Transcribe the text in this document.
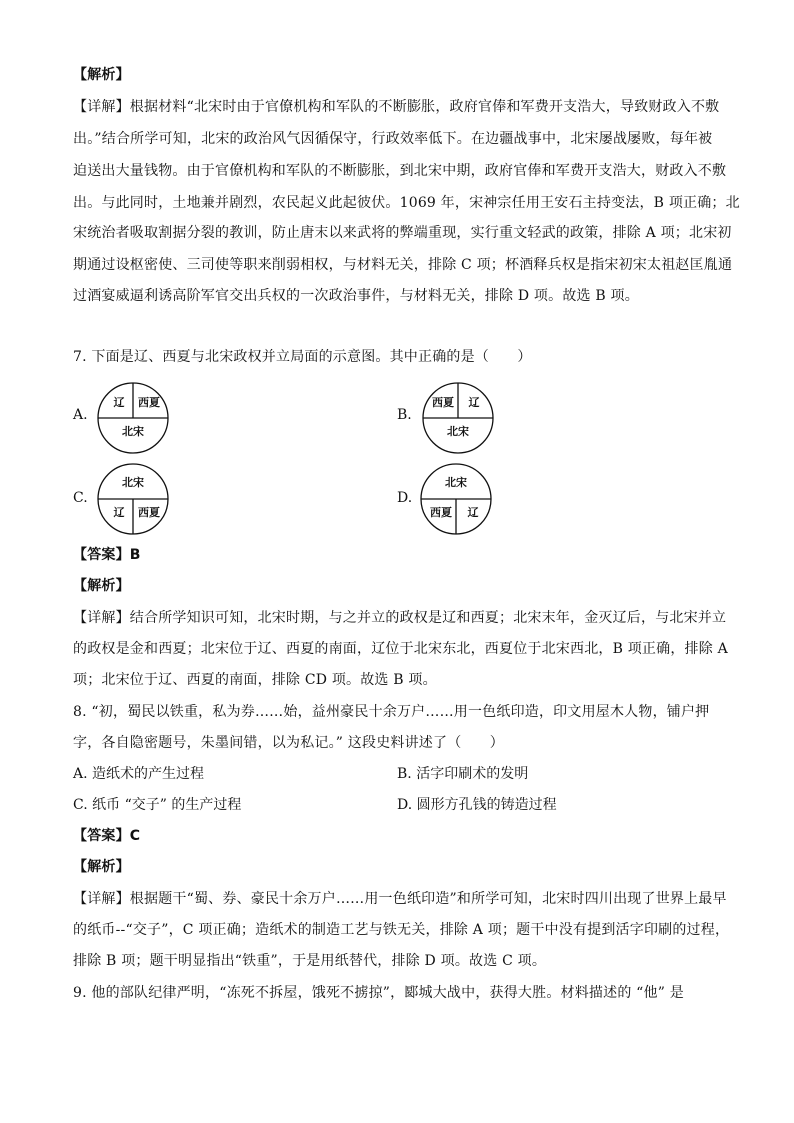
【解析】
【详解】根据材料“北宋时由于官僚机构和军队的不断膨胀，政府官俸和军费开支浩大，导致财政入不敷
出。”结合所学可知，北宋的政治风气因循保守，行政效率低下。在边疆战事中，北宋屡战屡败，每年被
迫送出大量钱物。由于官僚机构和军队的不断膨胀，到北宋中期，政府官俸和军费开支浩大，财政入不敷
出。与此同时，土地兼并剧烈，农民起义此起彼伏。1069 年，宋神宗任用王安石主持变法，B 项正确；北
宋统治者吸取割据分裂的教训，防止唐末以来武将的弊端重现，实行重文轻武的政策，排除 A 项；北宋初
期通过设枢密使、三司使等职来削弱相权，与材料无关，排除 C 项；杯酒释兵权是指宋初宋太祖赵匡胤通
过酒宴威逼利诱高阶军官交出兵权的一次政治事件，与材料无关，排除 D 项。故选 B 项。
7. 下面是辽、西夏与北宋政权并立局面的示意图。其中正确的是（　　）
A.
辽 西夏
北宋
B.
西夏 辽
北宋
C.
北宋
辽 西夏
D.
北宋
西夏 辽
【答案】B
【解析】
【详解】结合所学知识可知，北宋时期，与之并立的政权是辽和西夏；北宋末年，金灭辽后，与北宋并立
的政权是金和西夏；北宋位于辽、西夏的南面，辽位于北宋东北，西夏位于北宋西北，B 项正确，排除 A
项；北宋位于辽、西夏的南面，排除 CD 项。故选 B 项。
8. “初，蜀民以铁重，私为券……始，益州豪民十余万户……用一色纸印造，印文用屋木人物，铺户押
字，各自隐密题号，朱墨间错，以为私记。” 这段史料讲述了（　　）
A. 造纸术的产生过程	B. 活字印刷术的发明
C. 纸币 “交子” 的生产过程	D. 圆形方孔钱的铸造过程
【答案】C
【解析】
【详解】根据题干“蜀、券、豪民十余万户……用一色纸印造”和所学可知，北宋时四川出现了世界上最早
的纸币--“交子”，C 项正确；造纸术的制造工艺与铁无关，排除 A 项；题干中没有提到活字印刷的过程，
排除 B 项；题干明显指出“铁重”，于是用纸替代，排除 D 项。故选 C 项。
9. 他的部队纪律严明，“冻死不拆屋，饿死不掳掠”，郾城大战中，获得大胜。材料描述的 “他” 是
